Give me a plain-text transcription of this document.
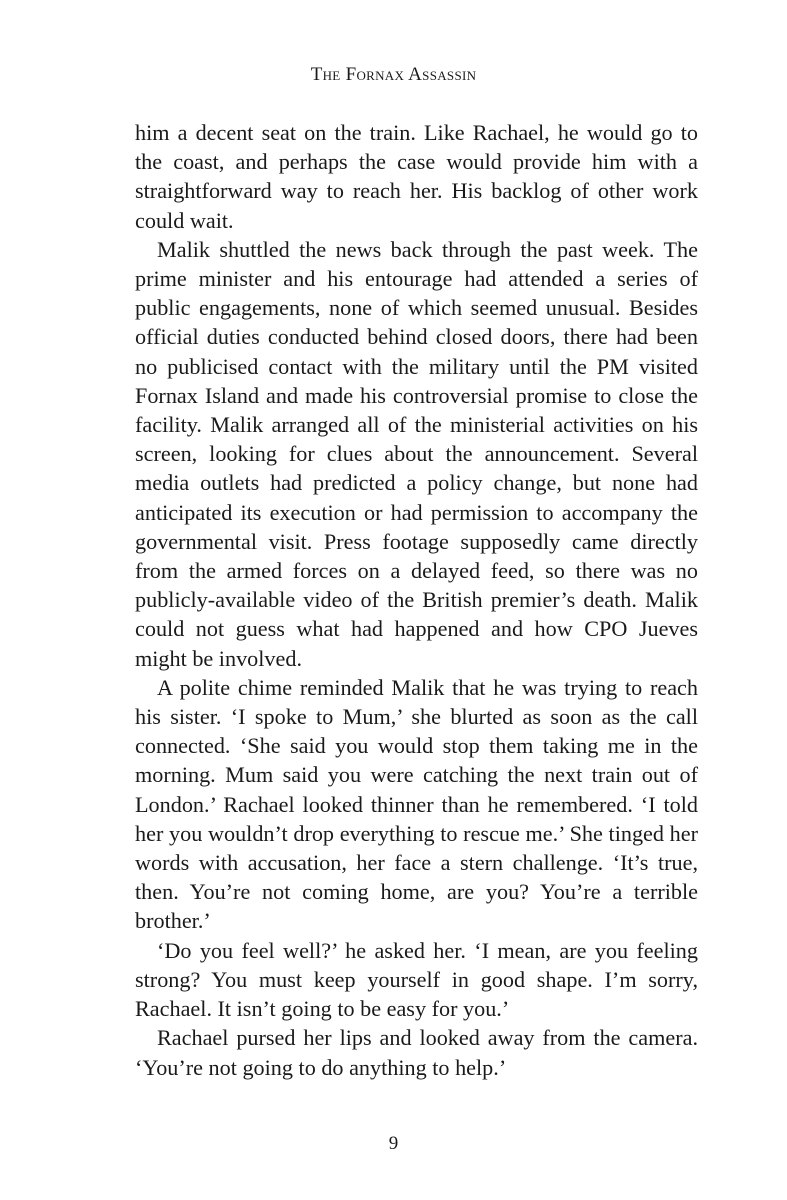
The Fornax Assassin

him a decent seat on the train. Like Rachael, he would go to the coast, and perhaps the case would provide him with a straightforward way to reach her. His backlog of other work could wait.

Malik shuttled the news back through the past week. The prime minister and his entourage had attended a series of public engagements, none of which seemed unusual. Besides official duties conducted behind closed doors, there had been no publicised contact with the military until the PM visited Fornax Island and made his controversial promise to close the facility. Malik arranged all of the ministerial activities on his screen, looking for clues about the announcement. Several media outlets had predicted a policy change, but none had anticipated its execution or had permission to accompany the governmental visit. Press footage supposedly came directly from the armed forces on a delayed feed, so there was no publicly-available video of the British premier’s death. Malik could not guess what had happened and how CPO Jueves might be involved.

A polite chime reminded Malik that he was trying to reach his sister. ‘I spoke to Mum,’ she blurted as soon as the call connected. ‘She said you would stop them taking me in the morning. Mum said you were catching the next train out of London.’ Rachael looked thinner than he remembered. ‘I told her you wouldn’t drop everything to rescue me.’ She tinged her words with accusation, her face a stern challenge. ‘It’s true, then. You’re not coming home, are you? You’re a terrible brother.’

‘Do you feel well?’ he asked her. ‘I mean, are you feeling strong? You must keep yourself in good shape. I’m sorry, Rachael. It isn’t going to be easy for you.’

Rachael pursed her lips and looked away from the camera. ‘You’re not going to do anything to help.’

9
